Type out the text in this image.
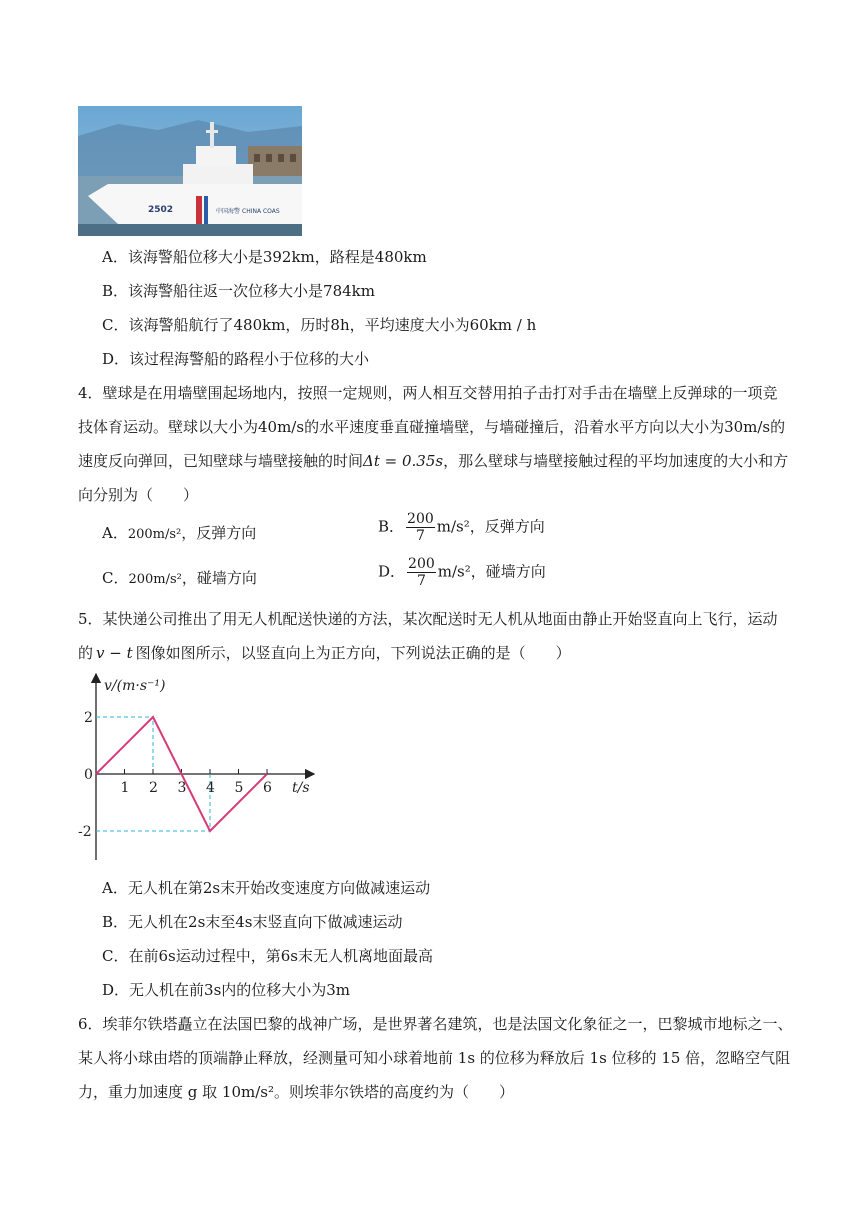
2502	中国海警 CHINA COAS
A．该海警船位移大小是392km，路程是480km
B．该海警船往返一次位移大小是784km
C．该海警船航行了480km，历时8h，平均速度大小为60km / h
D．该过程海警船的路程小于位移的大小
4．壁球是在用墙壁围起场地内，按照一定规则，两人相互交替用拍子击打对手击在墙壁上反弹球的一项竞
技体育运动。壁球以大小为40m/s的水平速度垂直碰撞墙壁，与墙碰撞后，沿着水平方向以大小为30m/s的
速度反向弹回，已知壁球与墙壁接触的时间Δt = 0.35s，那么壁球与墙壁接触过程的平均加速度的大小和方
向分别为（　　）
A．200m/s²，反弹方向	B． $\frac{200}{7} m/s^2$，反弹方向
C．200m/s²，碰墙方向	D． $\frac{200}{7} m/s^2$，碰墙方向
5．某快递公司推出了用无人机配送快递的方法，某次配送时无人机从地面由静止开始竖直向上飞行，运动
的 v − t 图像如图所示，以竖直向上为正方向，下列说法正确的是（　　）
1 2 3 4 5 6
2
0
-2
v/(m·s⁻¹)
t/s
A．无人机在第2s末开始改变速度方向做减速运动
B．无人机在2s末至4s末竖直向下做减速运动
C．在前6s运动过程中，第6s末无人机离地面最高
D．无人机在前3s内的位移大小为3m
6．埃菲尔铁塔矗立在法国巴黎的战神广场，是世界著名建筑，也是法国文化象征之一，巴黎城市地标之一、
某人将小球由塔的顶端静止释放，经测量可知小球着地前 1s 的位移为释放后 1s 位移的 15 倍，忽略空气阻
力，重力加速度 g 取 10m/s²。则埃菲尔铁塔的高度约为（　　）
